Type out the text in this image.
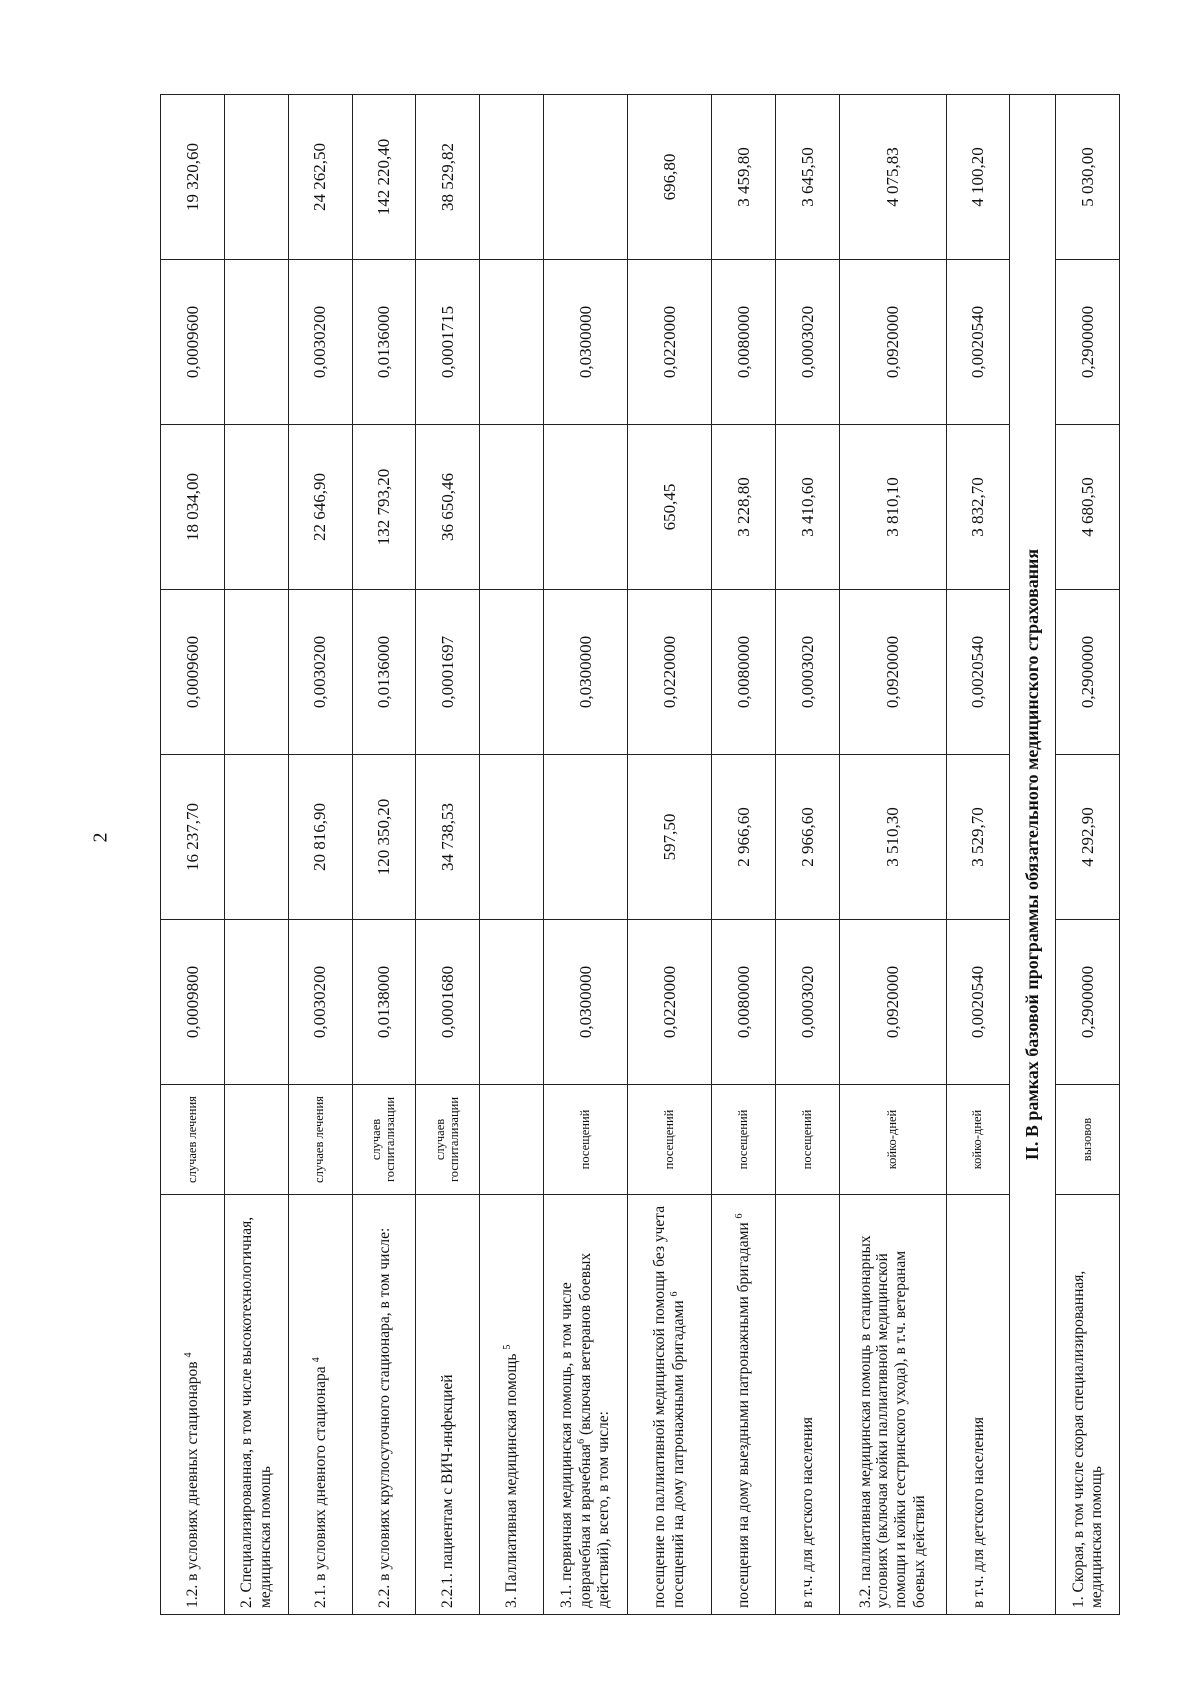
2
1.2. в условиях дневных стационаров $^4$	случаев лечения	0,0009800	16 237,70	0,0009600	18 034,00	0,0009600	19 320,60
2. Специализированная, в том числе высокотехнологичная, медицинская помощь							
2.1. в условиях дневного стационара $^4$	случаев лечения	0,0030200	20 816,90	0,0030200	22 646,90	0,0030200	24 262,50
2.2. в условиях круглосуточного стационара, в том числе:	случаев госпитализации	0,0138000	120 350,20	0,0136000	132 793,20	0,0136000	142 220,40
2.2.1. пациентам с ВИЧ-инфекцией	случаев госпитализации	0,0001680	34 738,53	0,0001697	36 650,46	0,0001715	38 529,82
3. Паллиативная медицинская помощь $^5$							
3.1. первичная медицинская помощь, в том числе доврачебная и врачебная$^6$ (включая ветеранов боевых действий), всего, в том числе:	посещений	0,0300000		0,0300000		0,0300000	
посещение по паллиативной медицинской помощи без учета посещений на дому патронажными бригадами $^6$	посещений	0,0220000	597,50	0,0220000	650,45	0,0220000	696,80
посещения на дому выездными патронажными бригадами $^6$	посещений	0,0080000	2 966,60	0,0080000	3 228,80	0,0080000	3 459,80
в т.ч. для детского населения	посещений	0,0003020	2 966,60	0,0003020	3 410,60	0,0003020	3 645,50
3.2. паллиативная медицинская помощь в стационарных условиях (включая койки паллиативной медицинской помощи и койки сестринского ухода), в т.ч. ветеранам боевых действий	койко-дней	0,0920000	3 510,30	0,0920000	3 810,10	0,0920000	4 075,83
в т.ч. для детского населения	койко-дней	0,0020540	3 529,70	0,0020540	3 832,70	0,0020540	4 100,20
II. В рамках базовой программы обязательного медицинского страхования							
1. Скорая, в том числе скорая специализированная, медицинская помощь	вызовов	0,2900000	4 292,90	0,2900000	4 680,50	0,2900000	5 030,00
